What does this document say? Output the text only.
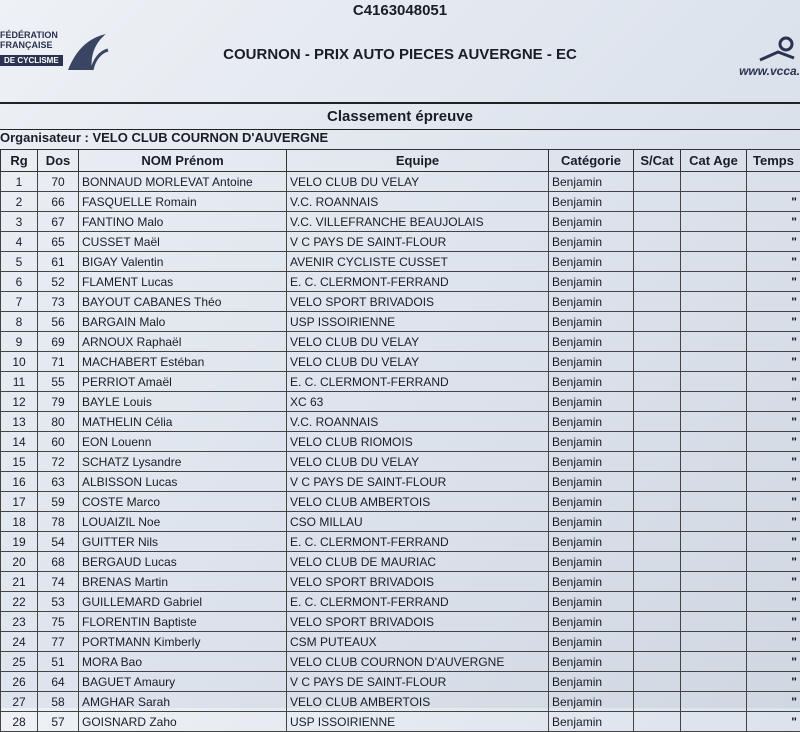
FÉDÉRATION
FRANÇAISE
DE CYCLISME
www.vcca.
C4163048051
COURNON - PRIX AUTO PIECES AUVERGNE - EC
Classement épreuve
Organisateur : VELO CLUB COURNON D'AUVERGNE
Rg	Dos	NOM Prénom	Equipe	Catégorie	S/Cat	Cat Age	Temps
1	70	BONNAUD MORLEVAT Antoine	VELO CLUB DU VELAY	Benjamin			
2	66	FASQUELLE Romain	V.C. ROANNAIS	Benjamin			"
3	67	FANTINO Malo	V.C. VILLEFRANCHE BEAUJOLAIS	Benjamin			"
4	65	CUSSET Maël	V C PAYS DE SAINT-FLOUR	Benjamin			"
5	61	BIGAY Valentin	AVENIR CYCLISTE CUSSET	Benjamin			"
6	52	FLAMENT Lucas	E. C. CLERMONT-FERRAND	Benjamin			"
7	73	BAYOUT CABANES Théo	VELO SPORT BRIVADOIS	Benjamin			"
8	56	BARGAIN Malo	USP ISSOIRIENNE	Benjamin			"
9	69	ARNOUX Raphaël	VELO CLUB DU VELAY	Benjamin			"
10	71	MACHABERT Estéban	VELO CLUB DU VELAY	Benjamin			"
11	55	PERRIOT Amaël	E. C. CLERMONT-FERRAND	Benjamin			"
12	79	BAYLE Louis	XC 63	Benjamin			"
13	80	MATHELIN Célia	V.C. ROANNAIS	Benjamin			"
14	60	EON Louenn	VELO CLUB RIOMOIS	Benjamin			"
15	72	SCHATZ Lysandre	VELO CLUB DU VELAY	Benjamin			"
16	63	ALBISSON Lucas	V C PAYS DE SAINT-FLOUR	Benjamin			"
17	59	COSTE Marco	VELO CLUB AMBERTOIS	Benjamin			"
18	78	LOUAIZIL Noe	CSO MILLAU	Benjamin			"
19	54	GUITTER Nils	E. C. CLERMONT-FERRAND	Benjamin			"
20	68	BERGAUD Lucas	VELO CLUB DE MAURIAC	Benjamin			"
21	74	BRENAS Martin	VELO SPORT BRIVADOIS	Benjamin			"
22	53	GUILLEMARD Gabriel	E. C. CLERMONT-FERRAND	Benjamin			"
23	75	FLORENTIN Baptiste	VELO SPORT BRIVADOIS	Benjamin			"
24	77	PORTMANN Kimberly	CSM PUTEAUX	Benjamin			"
25	51	MORA Bao	VELO CLUB COURNON D'AUVERGNE	Benjamin			"
26	64	BAGUET Amaury	V C PAYS DE SAINT-FLOUR	Benjamin			"
27	58	AMGHAR Sarah	VELO CLUB AMBERTOIS	Benjamin			"
28	57	GOISNARD Zaho	USP ISSOIRIENNE	Benjamin			"
